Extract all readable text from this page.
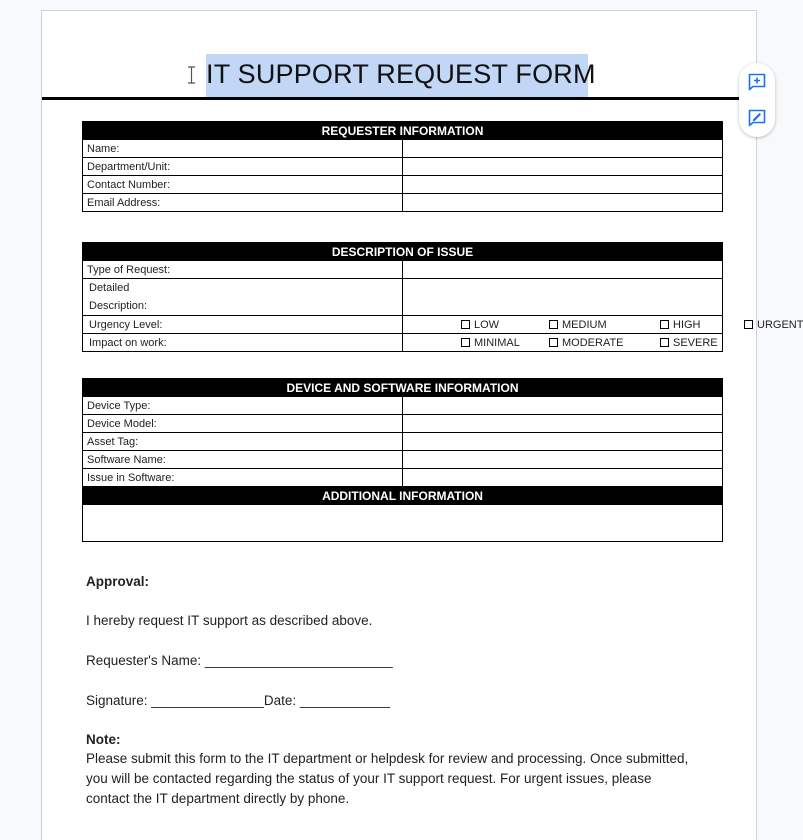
IT SUPPORT REQUEST FORM
REQUESTER INFORMATION	
Name:	
Department/Unit:	
Contact Number:	
Email Address:	
DESCRIPTION OF ISSUE	
Type of Request:	

Detailed
Description:	

Urgency Level:	LOW MEDIUM HIGH URGENT
Impact on work:	MINIMAL MODERATE SEVERE
DEVICE AND SOFTWARE INFORMATION	
Device Type:	
Device Model:	
Asset Tag:	
Software Name:	
Issue in Software:	
ADDITIONAL INFORMATION	

Approval:
I hereby request IT support as described above.
Requester's Name: _________________________
Signature: _______________Date: ____________
Note:
Please submit this form to the IT department or helpdesk for review and processing. Once submitted, you will be contacted regarding the status of your IT support request. For urgent issues, please contact the IT department directly by phone.
